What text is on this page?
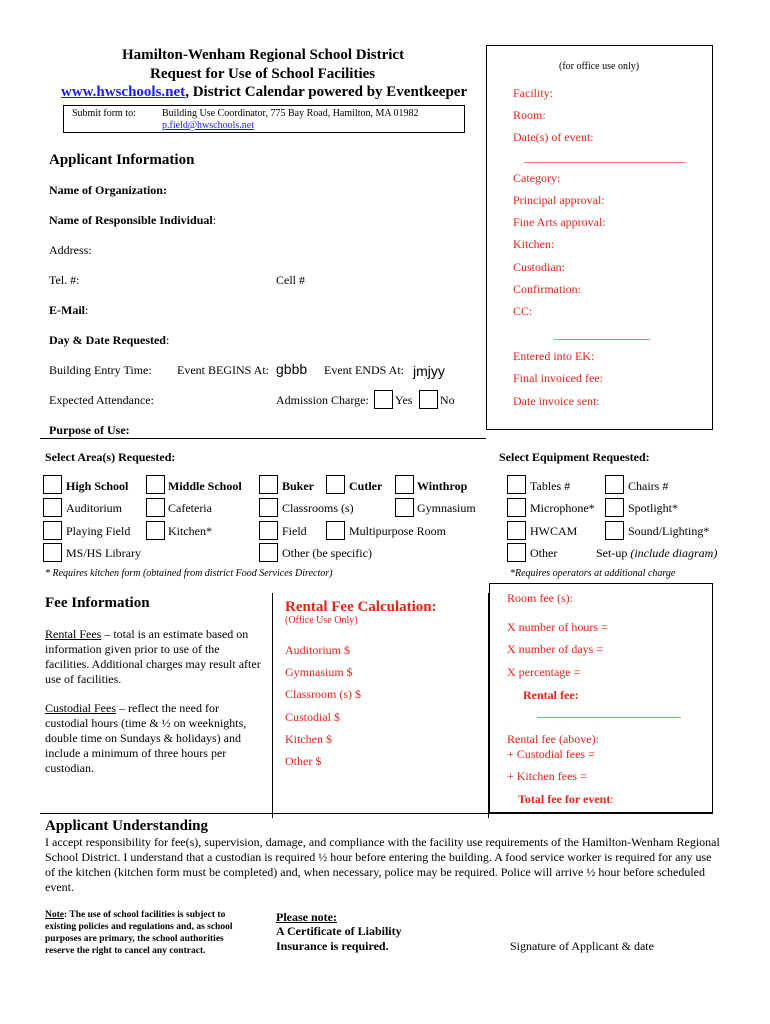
Hamilton-Wenham Regional School District
Request for Use of School Facilities
www.hwschools.net, District Calendar powered by Eventkeeper
Submit form to:	Building Use Coordinator, 775 Bay Road, Hamilton, MA 01982
p.field@hwschools.net
(for office use only)
Facility:
Room:
Date(s) of event:
___________________________
Category:
Principal approval:
Fine Arts approval:
Kitchen:
Custodian:
Confirmation:
CC:
________________
Entered into EK:
Final invoiced fee:
Date invoice sent:
Applicant Information
Name of Organization:
Name of Responsible Individual:
Address:
Tel. #:	Cell #
E-Mail:
Day & Date Requested:
Building Entry Time: Event BEGINS At: gbbb Event ENDS At: jmjyy
Expected Attendance:	Admission Charge: Yes No
Purpose of Use:
Select Area(s) Requested:
High School	Middle School	Buker	Cutler	Winthrop
Auditorium	Cafeteria	Classrooms (s)	Gymnasium
Playing Field	Kitchen*	Field	Multipurpose Room
MS/HS Library	Other (be specific)
* Requires kitchen form (obtained from district Food Services Director)
Select Equipment Requested:
Tables #	Chairs #
Microphone*	Spotlight*
HWCAM	Sound/Lighting*
Other	Set-up (include diagram)
*Requires operators at additional charge
Fee Information
Rental Fees – total is an estimate based on information given prior to use of the facilities. Additional charges may result after use of facilities.
Custodial Fees – reflect the need for custodial hours (time & ½ on weeknights, double time on Sundays & holidays) and include a minimum of three hours per custodian.
Rental Fee Calculation:
(Office Use Only)
Auditorium $
Gymnasium $
Classroom (s) $
Custodial $
Kitchen $
Other $
Room fee (s):
X number of hours =
X number of days =
X percentage =
Rental fee:
________________________
Rental fee (above):
+ Custodial fees =
+ Kitchen fees =
Total fee for event:
Applicant Understanding
I accept responsibility for fee(s), supervision, damage, and compliance with the facility use requirements of the Hamilton-Wenham Regional School District. I understand that a custodian is required ½ hour before entering the building. A food service worker is required for any use of the kitchen (kitchen form must be completed) and, when necessary, police may be required. Police will arrive ½ hour before scheduled event.
Note: The use of school facilities is subject to existing policies and regulations and, as school purposes are primary, the school authorities reserve the right to cancel any contract.
Please note:
A Certificate of Liability
Insurance is required.	Signature of Applicant & date
